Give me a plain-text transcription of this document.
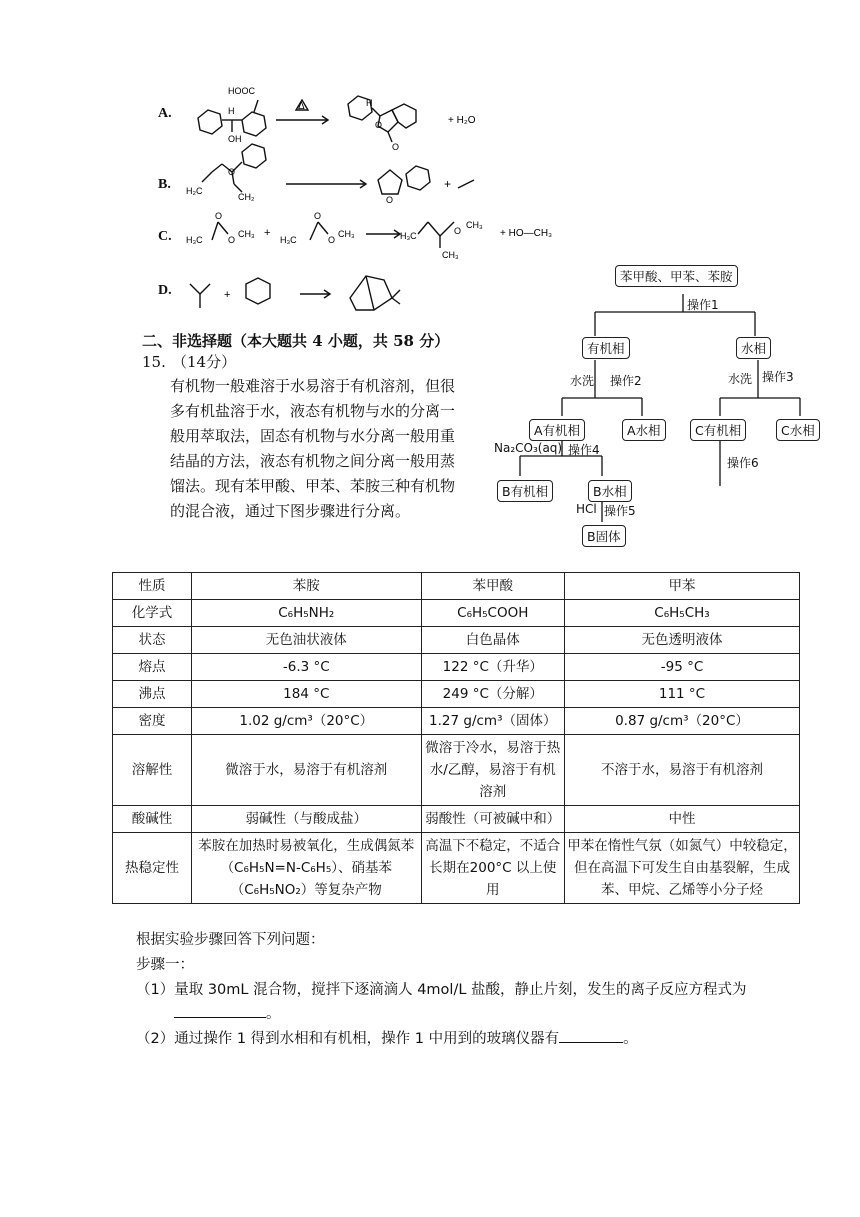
A.
B.
C.
D.
HOOC
H
OH
Δ	H
O
O
+ H₂O
O
H₂C
CH₂	O
+
H₃C
O
O
CH₃ +
H₃C
O
O
CH₃	H₃C	O
CH₃
CH₃
+ HO—CH₃
+
二、非选择题（本大题共 4 小题，共 58 分）
15. （14分）
有机物一般难溶于水易溶于有机溶剂，但很
多有机盐溶于水，液态有机物与水的分离一
般用萃取法，固态有机物与水分离一般用重
结晶的方法，液态有机物之间分离一般用蒸
馏法。现有苯甲酸、甲苯、苯胺三种有机物
的混合液，通过下图步骤进行分离。
苯甲酸、甲苯、苯胺
操作1
有机相	水相
水洗 操作2	水洗 操作3
A有机相	A水相	C有机相	C水相
Na₂CO₃(aq) 操作4
操作6
B有机相	B水相
HCl 操作5
B固体
性质	苯胺	苯甲酸	甲苯
化学式	C₆H₅NH₂	C₆H₅COOH	C₆H₅CH₃
状态	无色油状液体	白色晶体	无色透明液体
熔点	-6.3 °C	122 °C（升华）	-95 °C
沸点	184 °C	249 °C（分解）	111 °C
密度	1.02 g/cm³（20°C）	1.27 g/cm³（固体）	0.87 g/cm³（20°C）
溶解性	微溶于水，易溶于有机溶剂	微溶于冷水，易溶于热水/乙醇，易溶于有机溶剂	不溶于水，易溶于有机溶剂
酸碱性	弱碱性（与酸成盐）	弱酸性（可被碱中和）	中性
热稳定性	苯胺在加热时易被氧化，生成偶氮苯（C₆H₅N=N-C₆H₅）、硝基苯（C₆H₅NO₂）等复杂产物	高温下不稳定，不适合长期在200°C 以上使用	甲苯在惰性气氛（如氮气）中较稳定，但在高温下可发生自由基裂解，生成苯、甲烷、乙烯等小分子烃
根据实验步骤回答下列问题：
步骤一：
（1）量取 30mL 混合物，搅拌下逐滴滴人 4mol/L 盐酸，静止片刻，发生的离子反应方程式为
。
（2）通过操作 1 得到水相和有机相，操作 1 中用到的玻璃仪器有	。
